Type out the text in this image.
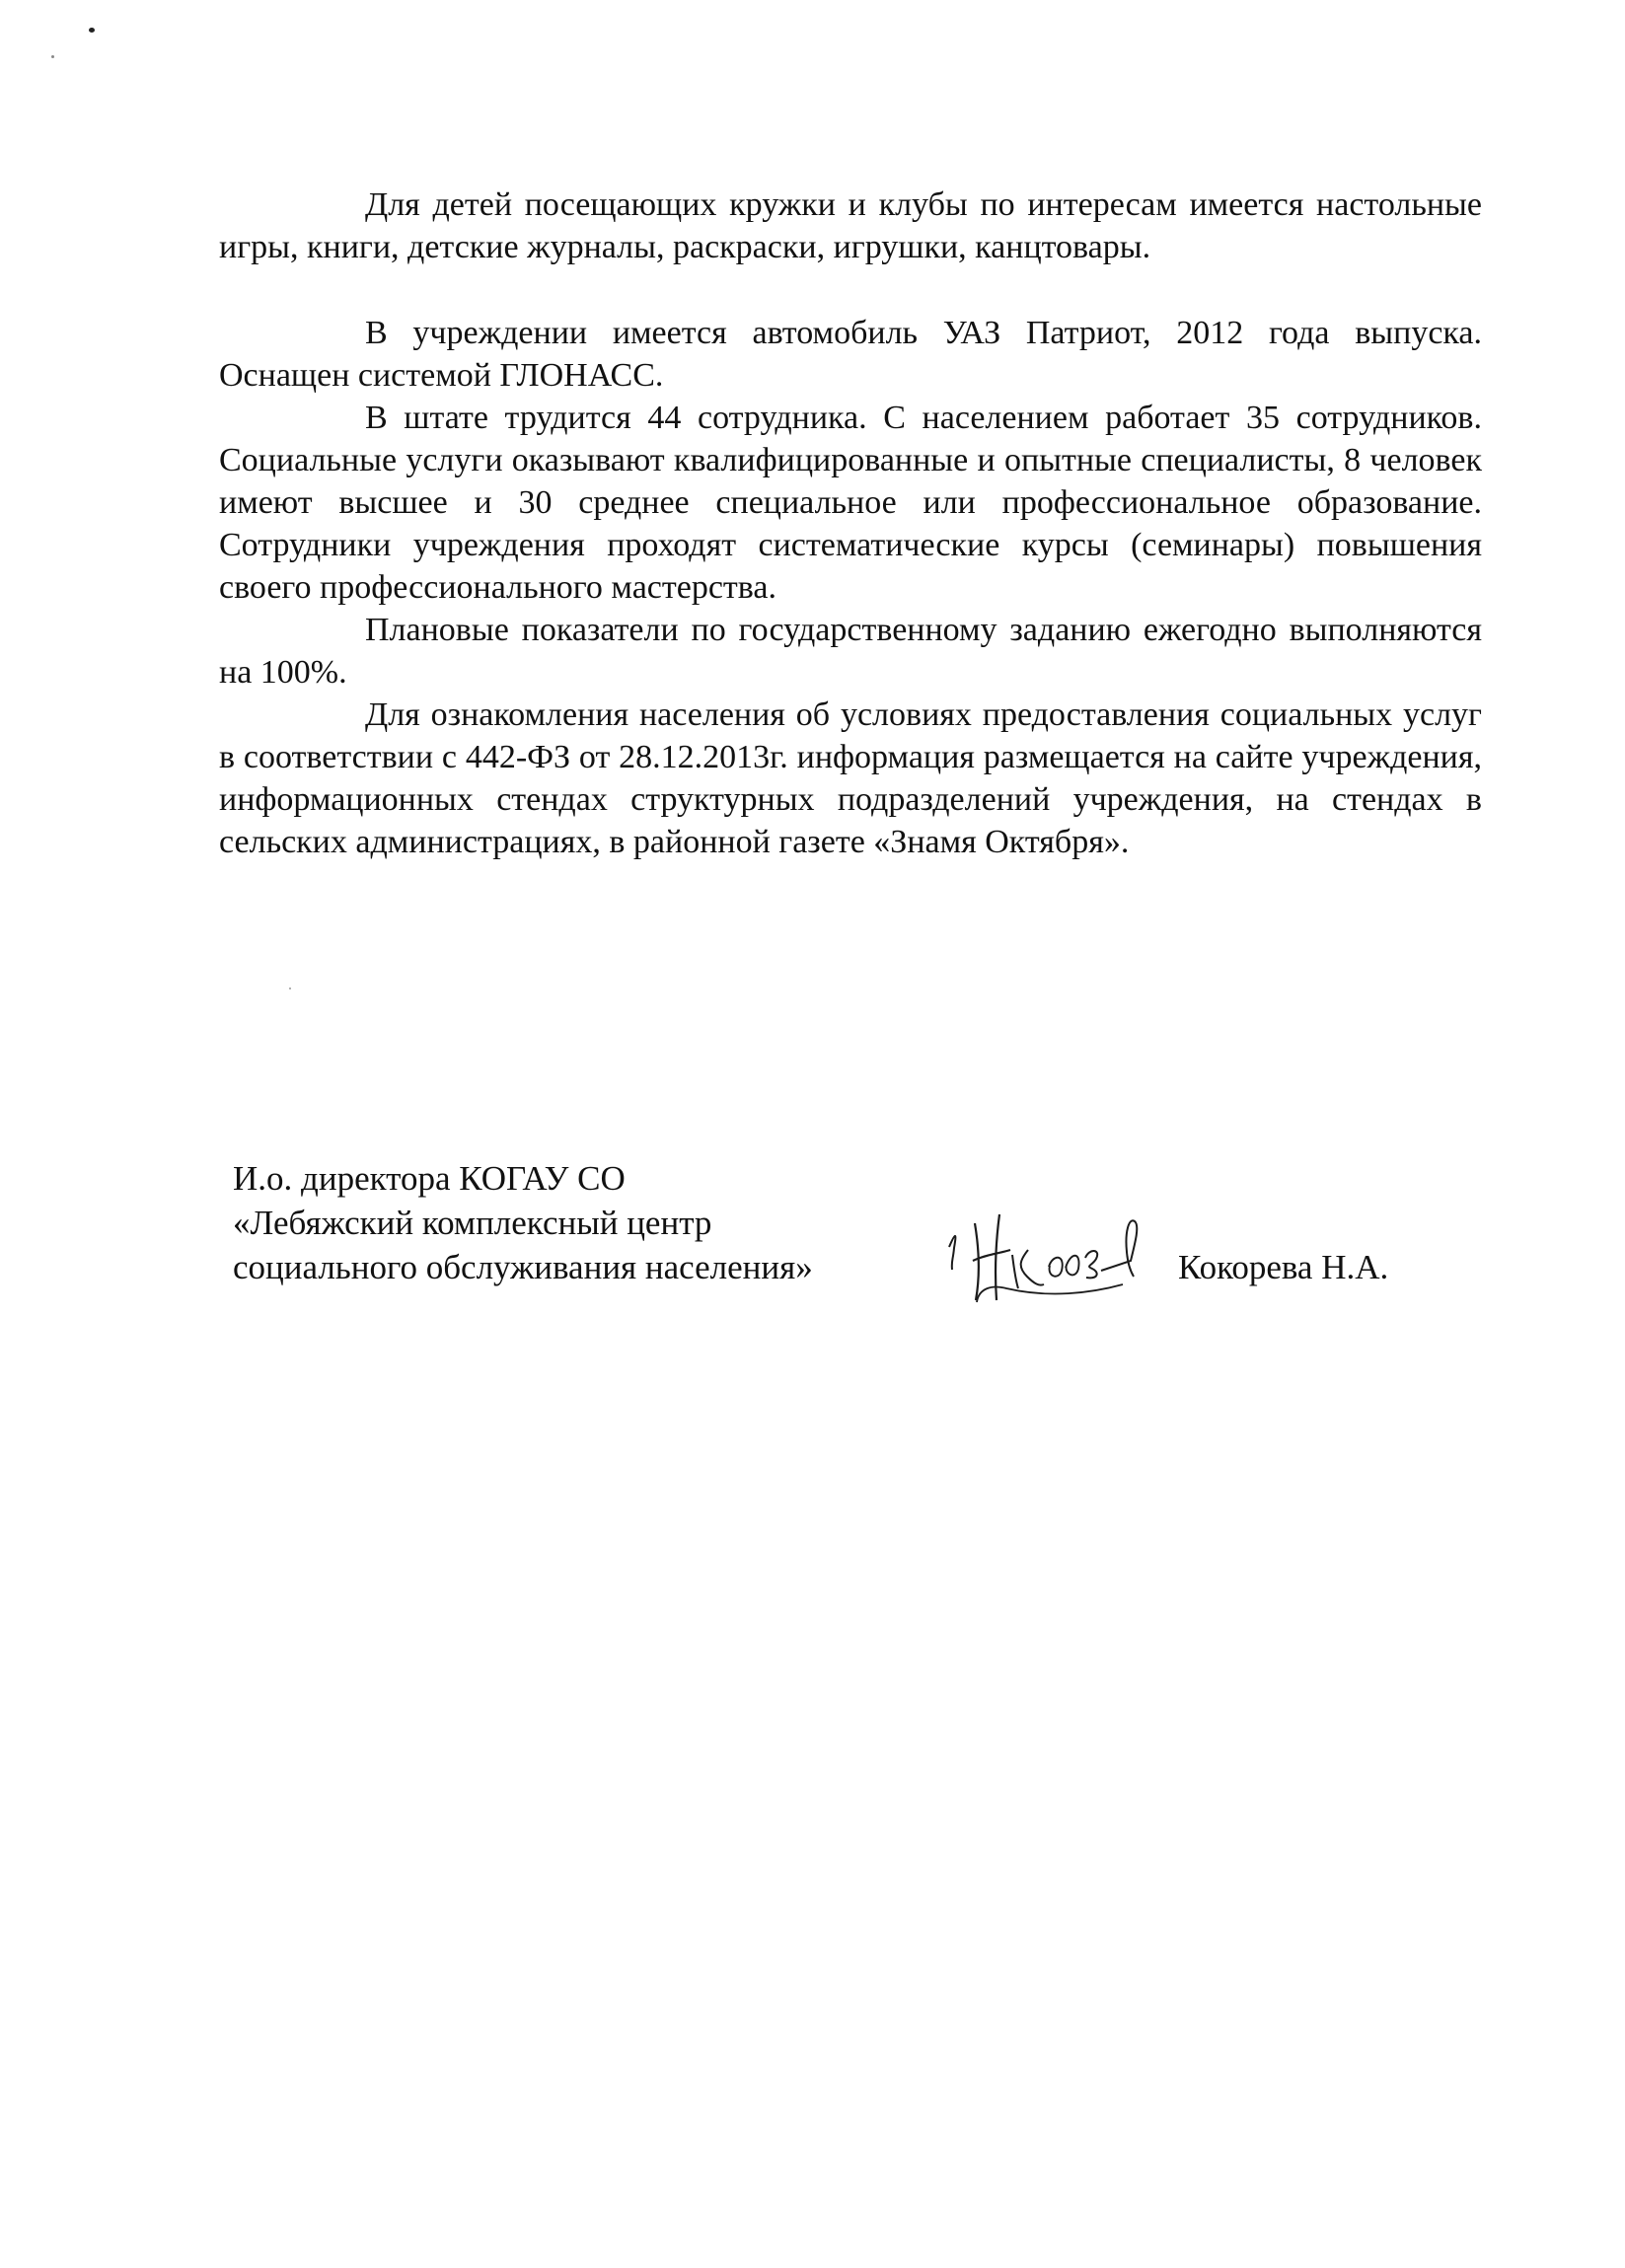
Для детей посещающих кружки и клубы по интересам имеется настольные игры, книги, детские журналы, раскраски, игрушки, канцтовары.

В учреждении имеется автомобиль УАЗ Патриот, 2012 года выпуска. Оснащен системой ГЛОНАСС.

В штате трудится 44 сотрудника. С населением работает 35 сотрудников. Социальные услуги оказывают квалифицированные и опытные специалисты, 8 человек имеют высшее и 30 среднее специальное или профессиональное образование. Сотрудники учреждения проходят систематические курсы (семинары) повышения своего профессионального мастерства.

Плановые показатели по государственному заданию ежегодно выполняются на 100%.

Для ознакомления населения об условиях предоставления социальных услуг в соответствии с 442-ФЗ от 28.12.2013г. информация размещается на сайте учреждения, информационных стендах структурных подразделений учреждения, на стендах в сельских администрациях, в районной газете «Знамя Октября».

И.о. директора КОГАУ СО
«Лебяжский комплексный центр
социального обслуживания населения»	Кокорева Н.А.
